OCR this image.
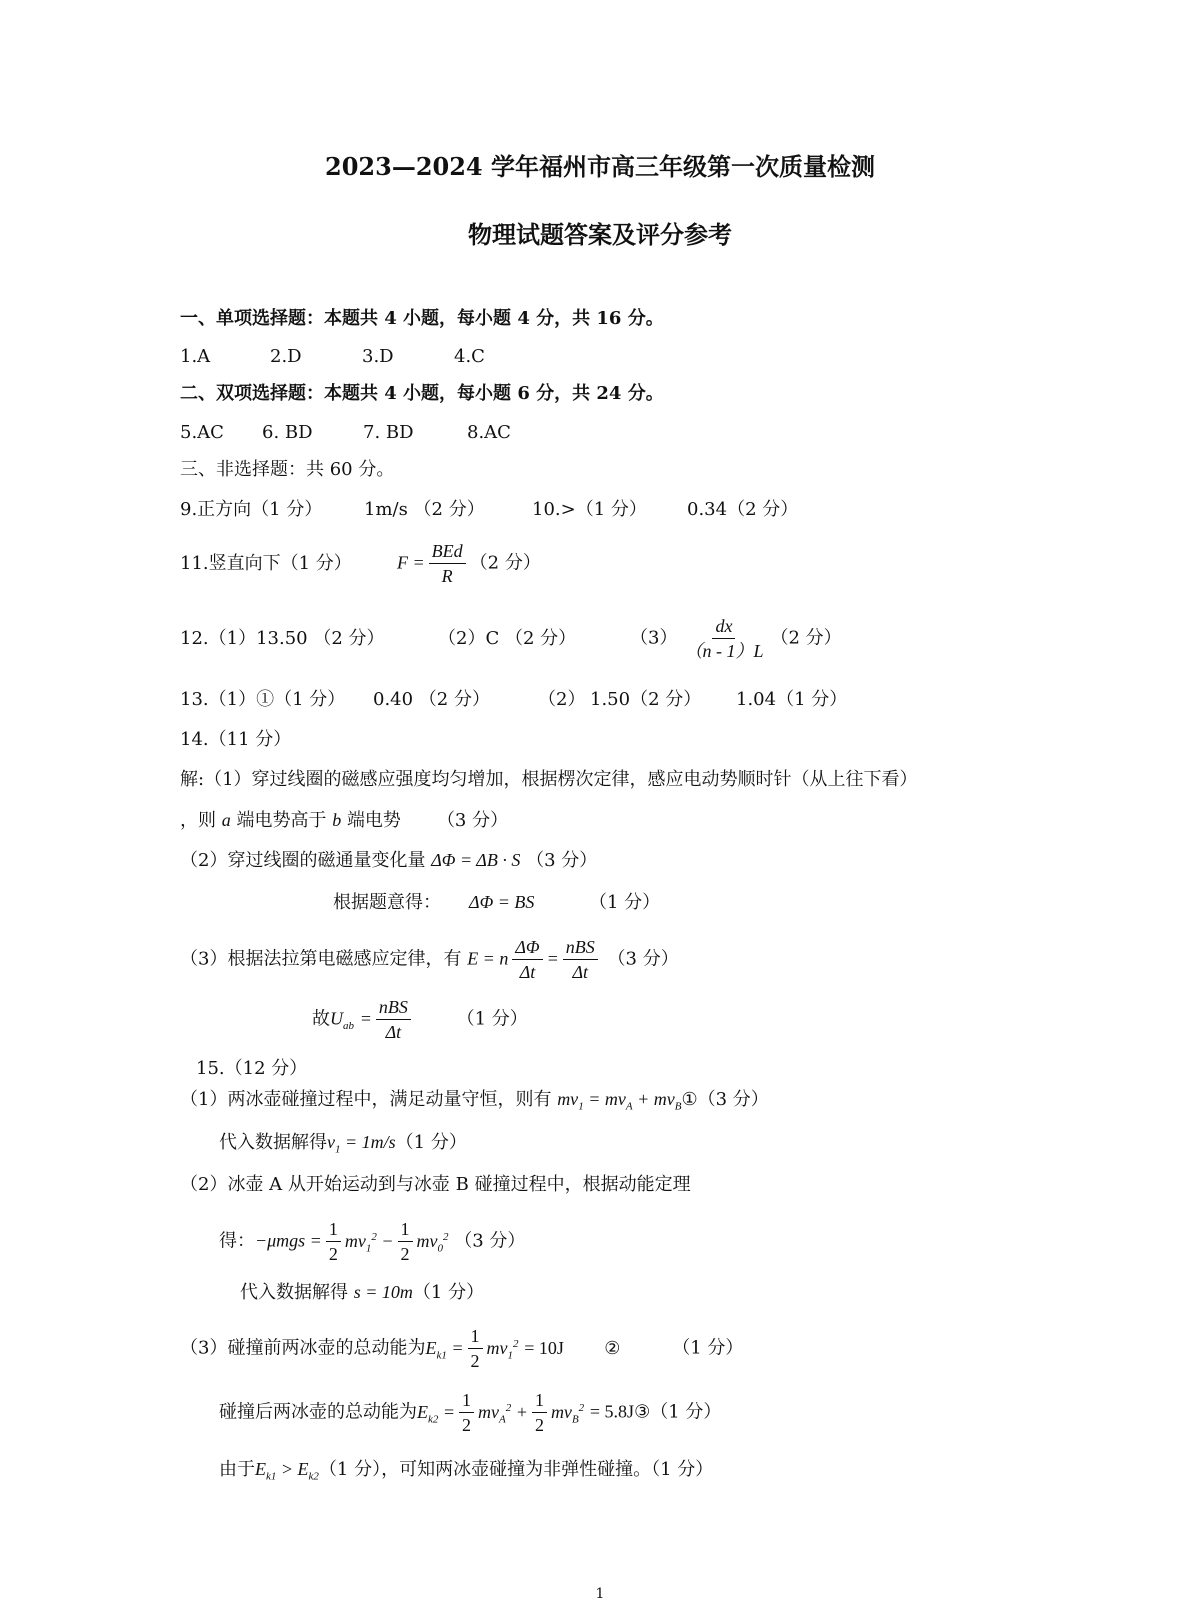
2023—2024 学年福州市高三年级第一次质量检测
物理试题答案及评分参考
一、单项选择题：本题共 4 小题，每小题 4 分，共 16 分。
1.A	2.D	3.D	4.C
二、双项选择题：本题共 4 小题，每小题 6 分，共 24 分。
5.AC 6. BD	7. BD	8.AC
三、非选择题：共 60 分。
9.正方向（1 分） 1m/s （2 分）	10.>（1 分） 0.34（2 分）
11.竖直向下（1 分）	$F = \frac{\text{BEd}}{R} (2$ 分）
12.（1）13.50 （2 分）	（2）C （2 分）	$(3) \frac{dx}{(n - 1)L} (2$ 分）
13.（1）①（1 分） 0.40 （2 分）	（2） 1.50（2 分） 1.04（1 分）
14.（11 分）
解:（1）穿过线圈的磁感应强度均匀增加，根据楞次定律，感应电动势顺时针（从上往下看）
，则 a 端电势高于 b 端电势 （3 分）
（2）穿过线圈的磁通量变化量 ΔΦ = ΔB · S （3 分）
根据题意得： ΔΦ = BS	（1 分）
（3）根据法拉第电磁感应定律，有 E = n $\frac{\Delta\Phi}{\Delta t} = \frac{\text{nBS}}{\Delta t} (3$ 分）
故$U_{ab} = \frac{\text{nBS}}{\Delta t}$	（1 分）
15.（12 分）
（1）两冰壶碰撞过程中，满足动量守恒，则有 $mv_1 = mv_A$ + $mv_B①(3$ 分）
代入数据解得$v_1 = 1m/s(1$ 分）
（2）冰壶 A 从开始运动到与冰壶 B 碰撞过程中，根据动能定理
得：$-\mu mgs = \frac{1}{2} mv_1^2 - \frac{1}{2} mv_0^2$ （3 分）
代入数据解得 s = 10m（1 分）
（3）碰撞前两冰壶的总动能为$E_{k1} = \frac{1}{2} mv_1^2 = 10J$ ②	（1 分）
碰撞后两冰壶的总动能为$E_{k2} = \frac{1}{2} mv_A^2 + \frac{1}{2} mv_B^2$ = 5.8J③（1 分）
由于$E_{k1} > E_{k2}(1$ 分），可知两冰壶碰撞为非弹性碰撞。（1 分）
1
